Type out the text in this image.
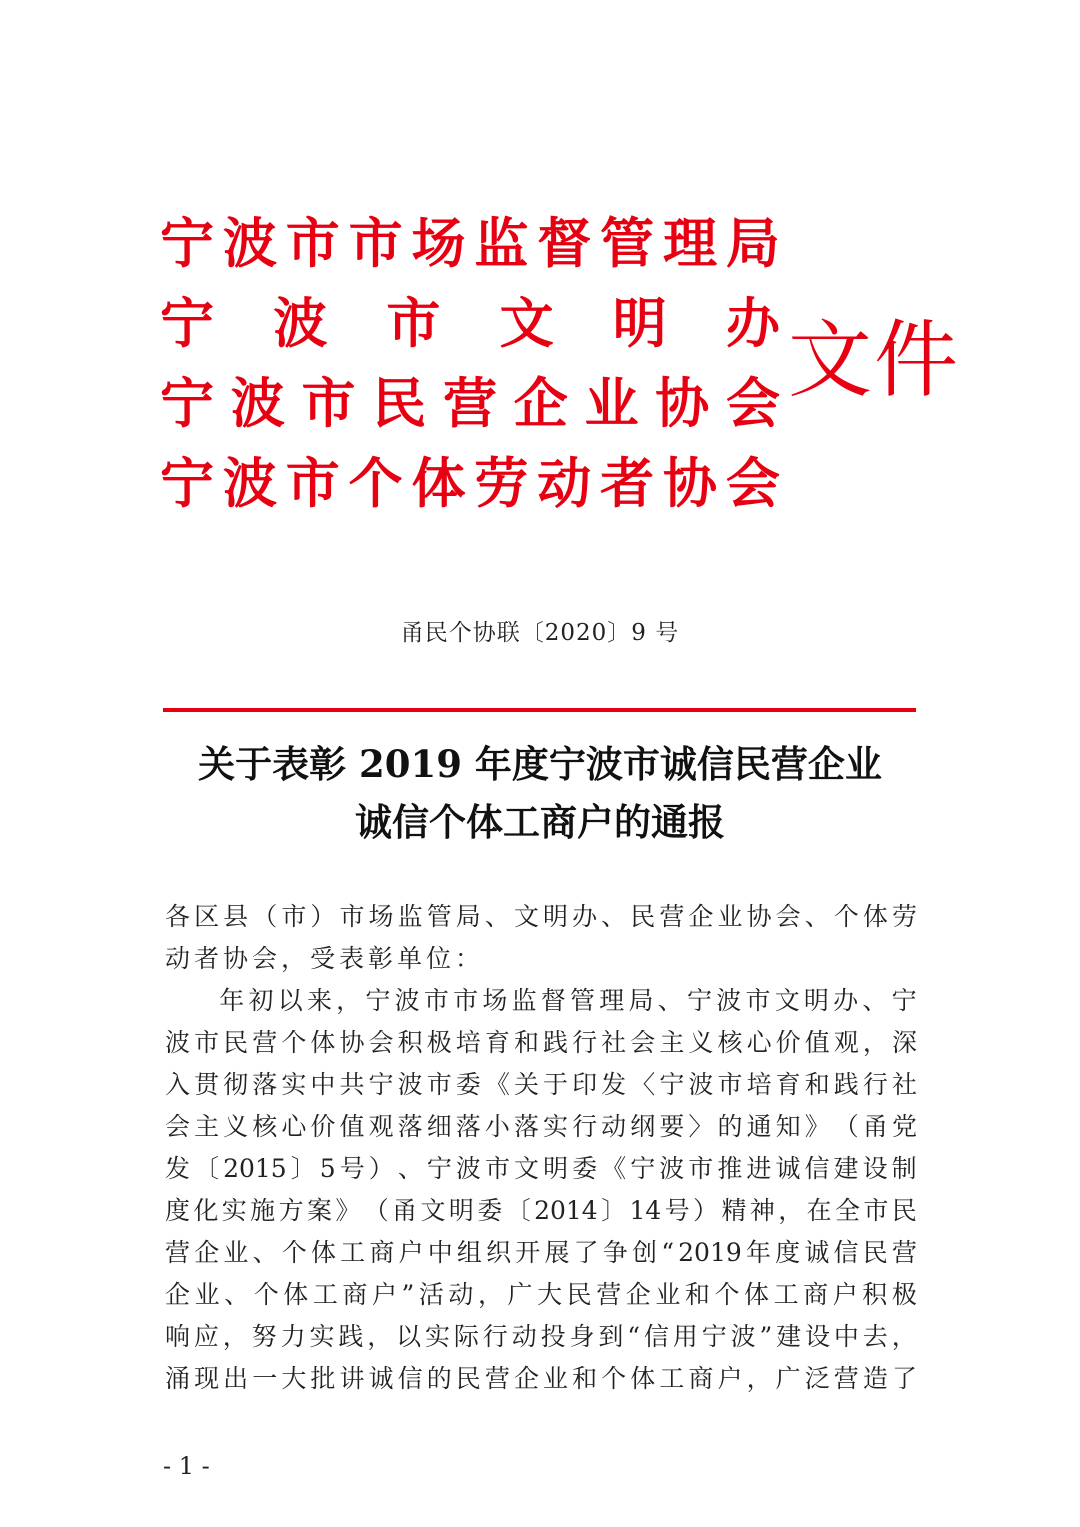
宁 波 市 市 场 监 督 管 理 局
宁 波 市 文 明 办
宁 波 市 民 营 企 业 协 会
宁 波 市 个 体 劳 动 者 协 会
文件
甬民个协联〔2020〕9 号
关于表彰 2019 年度宁波市诚信民营企业
诚信个体工商户的通报
各 区 县 （ 市 ） 市 场 监 管 局 、 文 明 办 、 民 营 企 业 协 会 、 个 体 劳
动者协会，受表彰单位：

年 初 以 来 ， 宁 波 市 市 场 监 督 管 理 局 、 宁 波 市 文 明 办 、 宁
波 市 民 营 个 体 协 会 积 极 培 育 和 践 行 社 会 主 义 核 心 价 值 观 ， 深
入 贯 彻 落 实 中 共 宁 波 市 委 《 关 于 印 发 〈 宁 波 市 培 育 和 践 行 社
会 主 义 核 心 价 值 观 落 细 落 小 落 实 行 动 纲 要 〉 的 通 知 》 （ 甬 党
发 〔 2015 〕 5 号 ） 、 宁 波 市 文 明 委 《 宁 波 市 推 进 诚 信 建 设 制
度 化 实 施 方 案 》 （ 甬 文 明 委 〔 2014 〕 14 号 ） 精 神 ， 在 全 市 民
营 企 业 、 个 体 工 商 户 中 组 织 开 展 了 争 创 “ 2019 年 度 诚 信 民 营
企 业 、 个 体 工 商 户 ” 活 动 ， 广 大 民 营 企 业 和 个 体 工 商 户 积 极
响 应 ， 努 力 实 践 ， 以 实 际 行 动 投 身 到 “ 信 用 宁 波 ” 建 设 中 去 ，
涌 现 出 一 大 批 讲 诚 信 的 民 营 企 业 和 个 体 工 商 户 ， 广 泛 营 造 了
- 1 -
